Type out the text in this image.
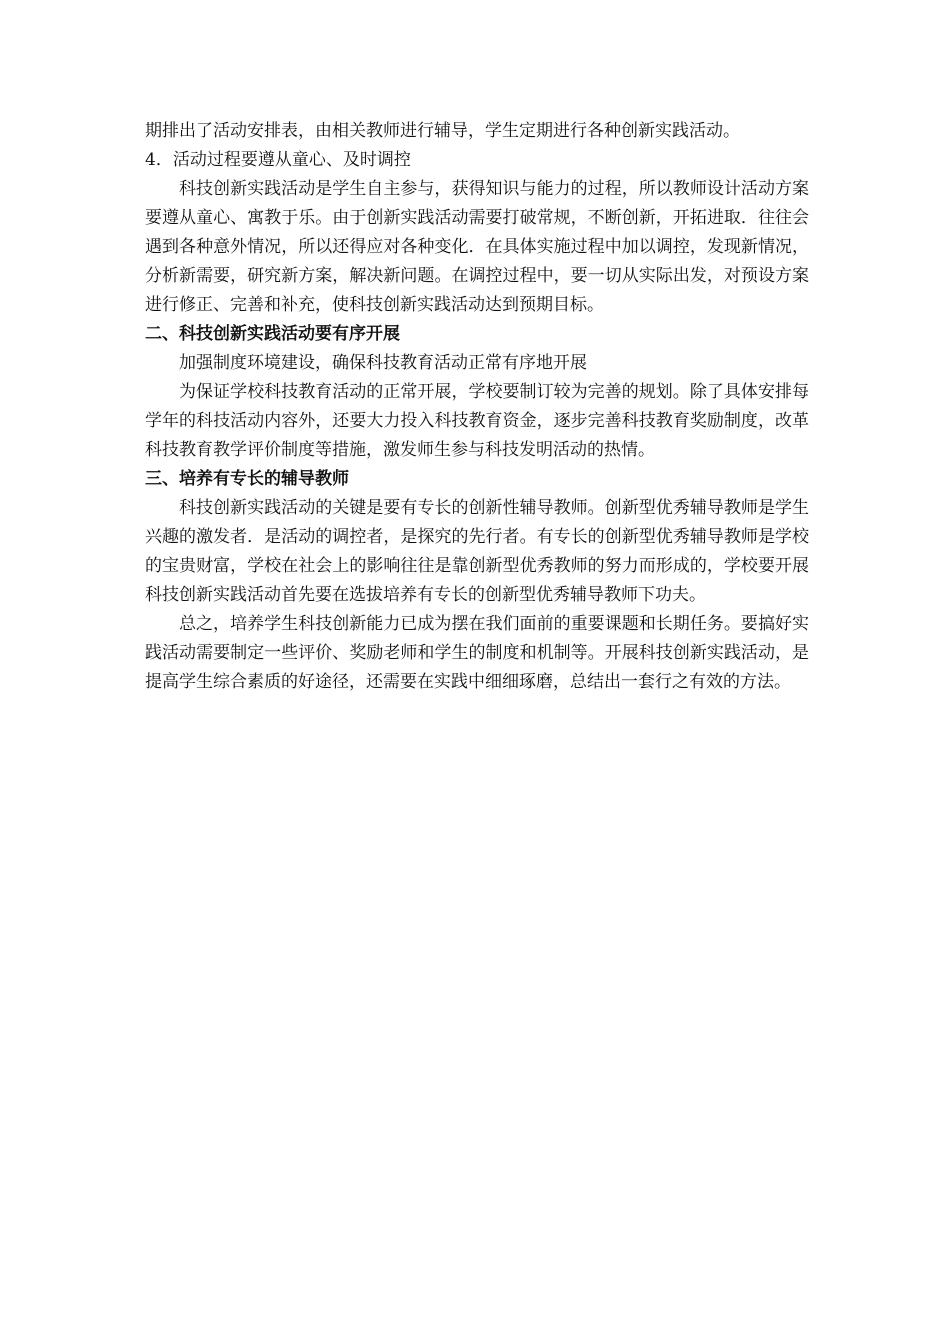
期排出了活动安排表，由相关教师进行辅导，学生定期进行各种创新实践活动。

4．活动过程要遵从童心、及时调控

科技创新实践活动是学生自主参与，获得知识与能力的过程，所以教师设计活动方案要遵从童心、寓教于乐。由于创新实践活动需要打破常规，不断创新，开拓进取．往往会遇到各种意外情况，所以还得应对各种变化．在具体实施过程中加以调控，发现新情况，分析新需要，研究新方案，解决新问题。在调控过程中，要一切从实际出发，对预设方案进行修正、完善和补充，使科技创新实践活动达到预期目标。

二、科技创新实践活动要有序开展

加强制度环境建设，确保科技教育活动正常有序地开展

为保证学校科技教育活动的正常开展，学校要制订较为完善的规划。除了具体安排每学年的科技活动内容外，还要大力投入科技教育资金，逐步完善科技教育奖励制度，改革科技教育教学评价制度等措施，激发师生参与科技发明活动的热情。

三、培养有专长的辅导教师

科技创新实践活动的关键是要有专长的创新性辅导教师。创新型优秀辅导教师是学生兴趣的激发者．是活动的调控者，是探究的先行者。有专长的创新型优秀辅导教师是学校的宝贵财富，学校在社会上的影响往往是靠创新型优秀教师的努力而形成的，学校要开展科技创新实践活动首先要在选拔培养有专长的创新型优秀辅导教师下功夫。

总之，培养学生科技创新能力已成为摆在我们面前的重要课题和长期任务。要搞好实践活动需要制定一些评价、奖励老师和学生的制度和机制等。开展科技创新实践活动，是提高学生综合素质的好途径，还需要在实践中细细琢磨，总结出一套行之有效的方法。
